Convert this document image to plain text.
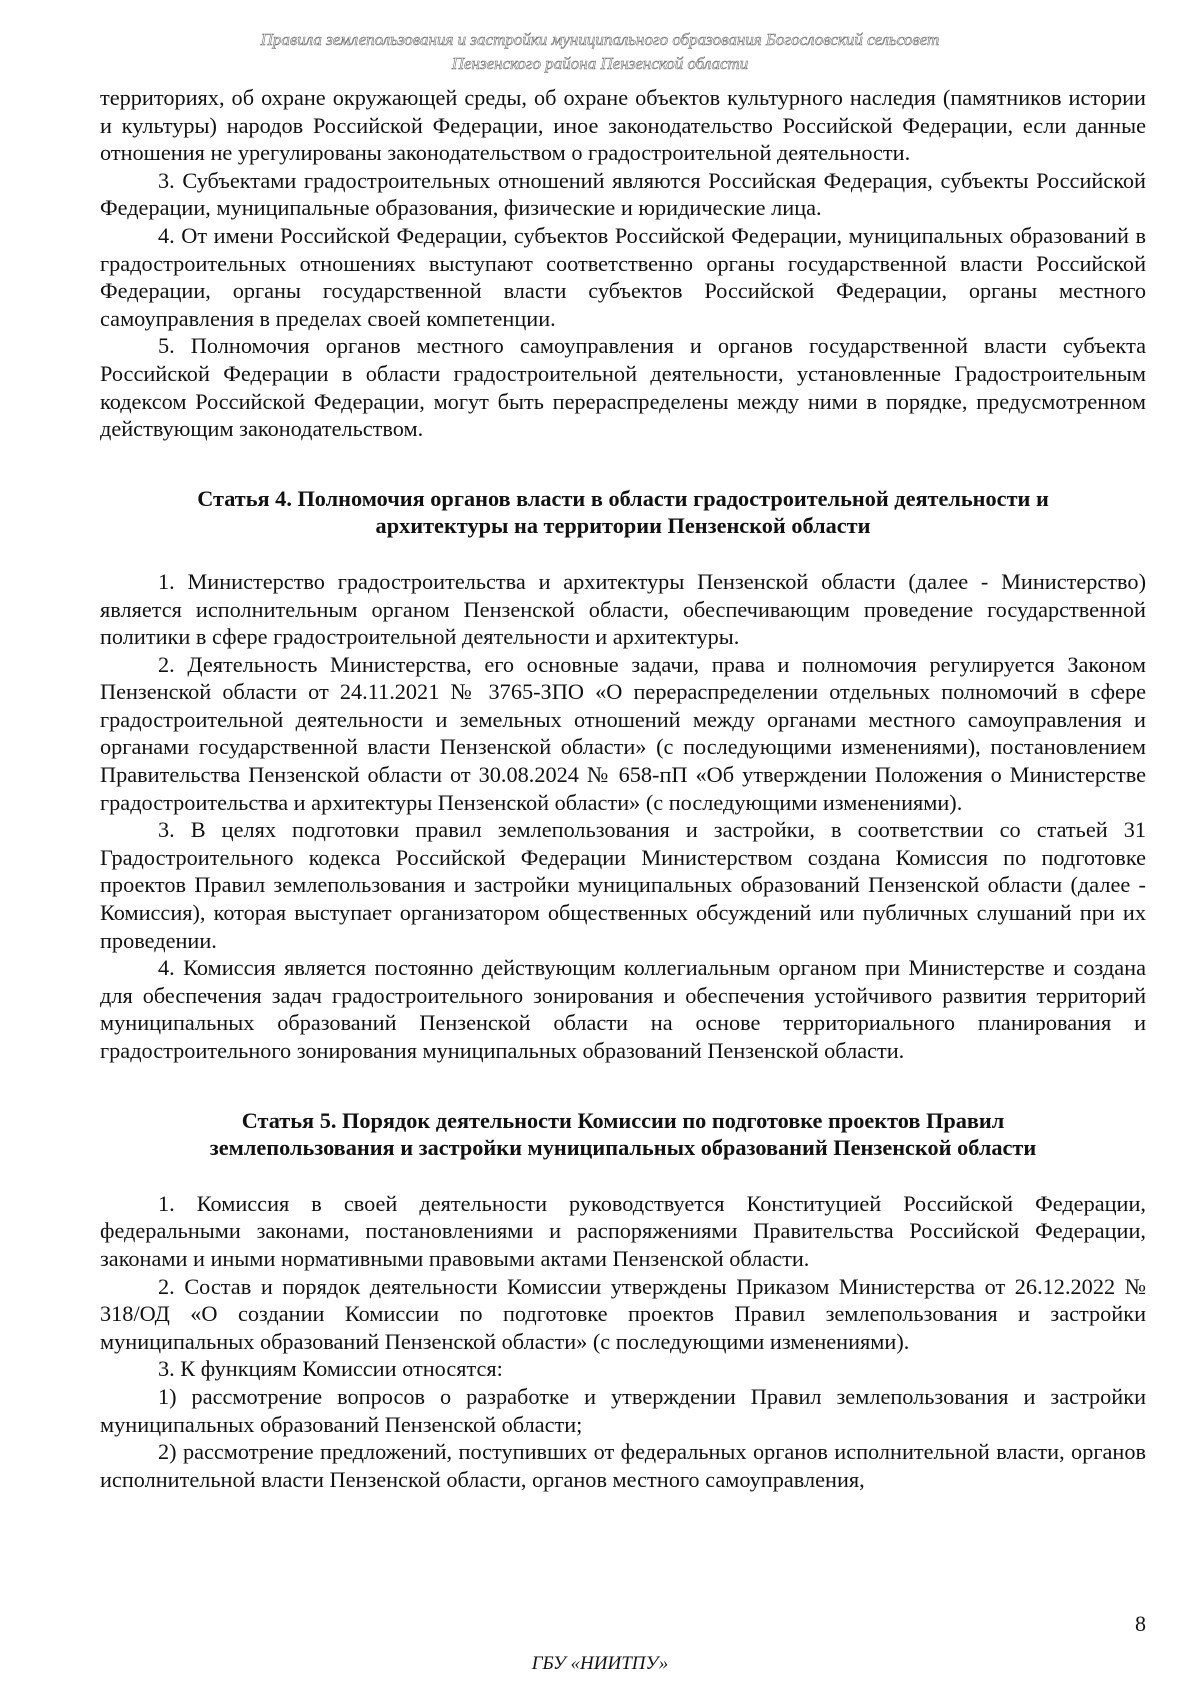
Правила землепользования и застройки муниципального образования Богословский сельсовет
Пензенского района Пензенской области

территориях, об охране окружающей среды, об охране объектов культурного наследия (памятников истории и культуры) народов Российской Федерации, иное законодательство Российской Федерации, если данные отношения не урегулированы законодательством о градостроительной деятельности.

3. Субъектами градостроительных отношений являются Российская Федерация, субъекты Российской Федерации, муниципальные образования, физические и юридические лица.

4. От имени Российской Федерации, субъектов Российской Федерации, муниципальных образований в градостроительных отношениях выступают соответственно органы государственной власти Российской Федерации, органы государственной власти субъектов Российской Федерации, органы местного самоуправления в пределах своей компетенции.

5. Полномочия органов местного самоуправления и органов государственной власти субъекта Российской Федерации в области градостроительной деятельности, установленные Градостроительным кодексом Российской Федерации, могут быть перераспределены между ними в порядке, предусмотренном действующим законодательством.

Статья 4. Полномочия органов власти в области градостроительной деятельности и

архитектуры на территории Пензенской области

1. Министерство градостроительства и архитектуры Пензенской области (далее - Министерство) является исполнительным органом Пензенской области, обеспечивающим проведение государственной политики в сфере градостроительной деятельности и архитектуры.

2. Деятельность Министерства, его основные задачи, права и полномочия регулируется Законом Пензенской области от 24.11.2021 № 3765-ЗПО «О перераспределении отдельных полномочий в сфере градостроительной деятельности и земельных отношений между органами местного самоуправления и органами государственной власти Пензенской области» (с последующими изменениями), постановлением Правительства Пензенской области от 30.08.2024 № 658-пП «Об утверждении Положения о Министерстве градостроительства и архитектуры Пензенской области» (с последующими изменениями).

3. В целях подготовки правил землепользования и застройки, в соответствии со статьей 31 Градостроительного кодекса Российской Федерации Министерством создана Комиссия по подготовке проектов Правил землепользования и застройки муниципальных образований Пензенской области (далее - Комиссия), которая выступает организатором общественных обсуждений или публичных слушаний при их проведении.

4. Комиссия является постоянно действующим коллегиальным органом при Министерстве и создана для обеспечения задач градостроительного зонирования и обеспечения устойчивого развития территорий муниципальных образований Пензенской области на основе территориального планирования и градостроительного зонирования муниципальных образований Пензенской области.

Статья 5. Порядок деятельности Комиссии по подготовке проектов Правил

землепользования и застройки муниципальных образований Пензенской области

1. Комиссия в своей деятельности руководствуется Конституцией Российской Федерации, федеральными законами, постановлениями и распоряжениями Правительства Российской Федерации, законами и иными нормативными правовыми актами Пензенской области.

2. Состав и порядок деятельности Комиссии утверждены Приказом Министерства от 26.12.2022 № 318/ОД «О создании Комиссии по подготовке проектов Правил землепользования и застройки муниципальных образований Пензенской области» (с последующими изменениями).

3. К функциям Комиссии относятся:

1) рассмотрение вопросов о разработке и утверждении Правил землепользования и застройки муниципальных образований Пензенской области;

2) рассмотрение предложений, поступивших от федеральных органов исполнительной власти, органов исполнительной власти Пензенской области, органов местного самоуправления,

8
ГБУ «НИИТПУ»
